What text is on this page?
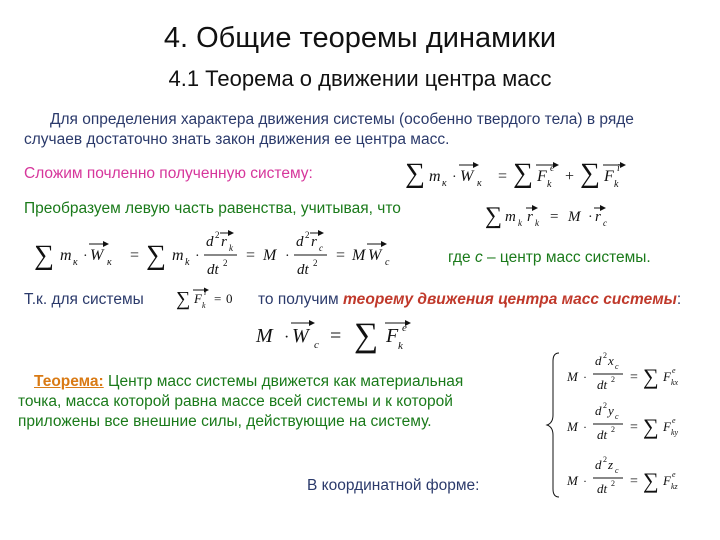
4. Общие теоремы динамики
4.1 Теорема о движении центра масс
Для определения характера движения системы (особенно твердого тела) в ряде случаев достаточно знать закон движения ее центра масс.
Сложим почленно полученную систему:	∑ m к · W к = ∑ F k
e + ∑ F k
i
Преобразуем левую часть равенства, учитывая, что	∑ m k r k = M · r c
∑ m к · W к = ∑ m k ·
d 2 r k
dt 2 = M ·
d 2 r c
dt 2 = M W c	где с – центр масс системы.
Т.к. для системы ∑ F k
i = 0 то получим теорему движения центра масс системы:
M · W c = ∑ F k
e
Теорема: Центр масс системы движется как материальная точка, масса которой равна массе всей системы и к которой приложены все внешние силы, действующие на систему.
В координатной форме:
M ·
d 2 x c
dt 2 = ∑ F kx
e
M ·
d 2 y c
dt 2 = ∑ F ky
e
M ·
d 2 z c
dt 2 = ∑ F kz
e
